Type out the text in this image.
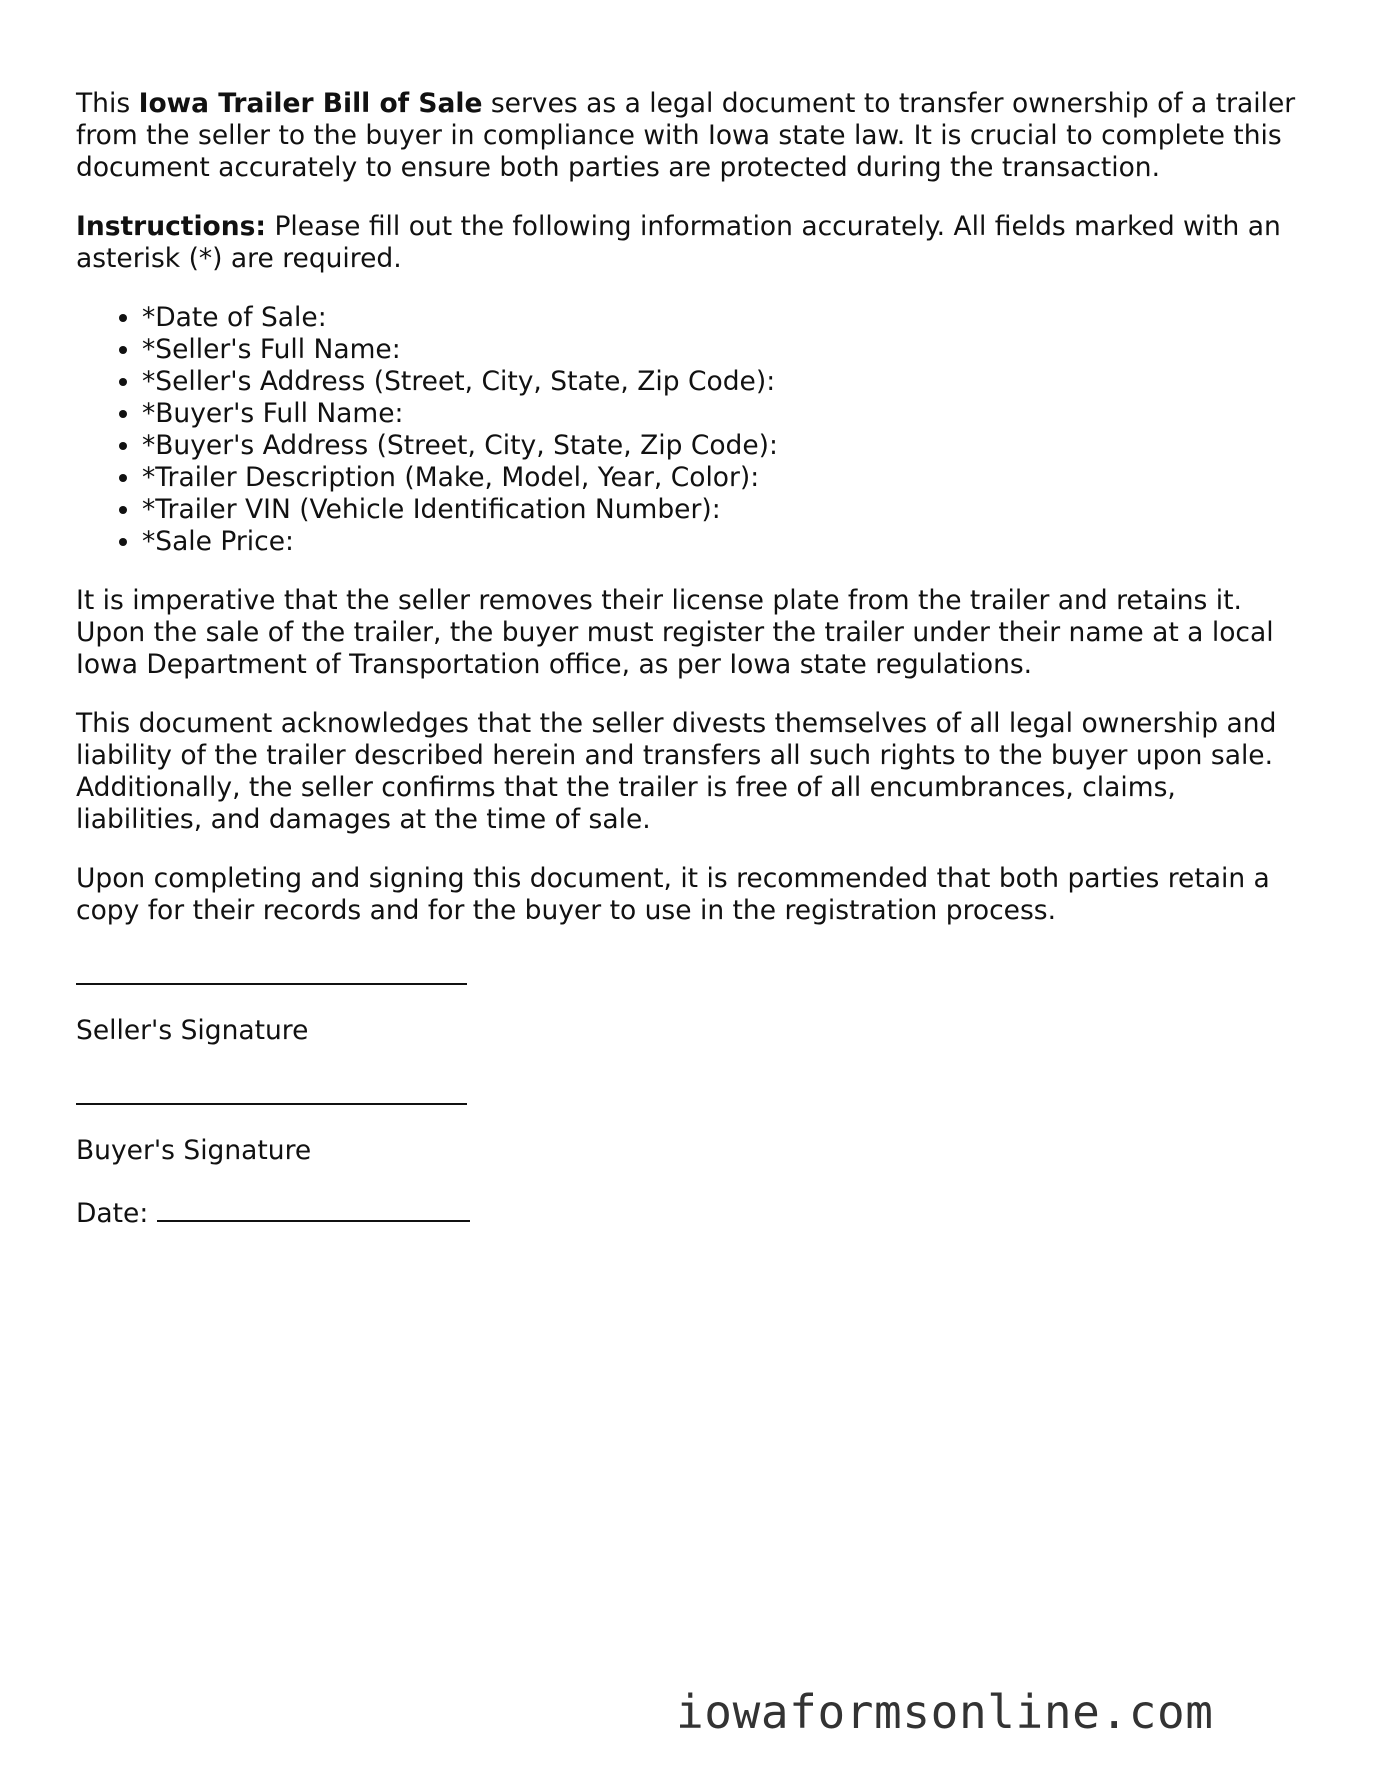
This Iowa Trailer Bill of Sale serves as a legal document to transfer ownership of a trailer from the seller to the buyer in compliance with Iowa state law. It is crucial to complete this document accurately to ensure both parties are protected during the transaction.

Instructions: Please fill out the following information accurately. All fields marked with an asterisk (*) are required.

• *Date of Sale:
• *Seller's Full Name:
• *Seller's Address (Street, City, State, Zip Code):
• *Buyer's Full Name:
• *Buyer's Address (Street, City, State, Zip Code):
• *Trailer Description (Make, Model, Year, Color):
• *Trailer VIN (Vehicle Identification Number):
• *Sale Price:

It is imperative that the seller removes their license plate from the trailer and retains it. Upon the sale of the trailer, the buyer must register the trailer under their name at a local Iowa Department of Transportation office, as per Iowa state regulations.

This document acknowledges that the seller divests themselves of all legal ownership and liability of the trailer described herein and transfers all such rights to the buyer upon sale. Additionally, the seller confirms that the trailer is free of all encumbrances, claims, liabilities, and damages at the time of sale.

Upon completing and signing this document, it is recommended that both parties retain a copy for their records and for the buyer to use in the registration process.

Seller's Signature
Buyer's Signature
Date:
iowaformsonline.com
